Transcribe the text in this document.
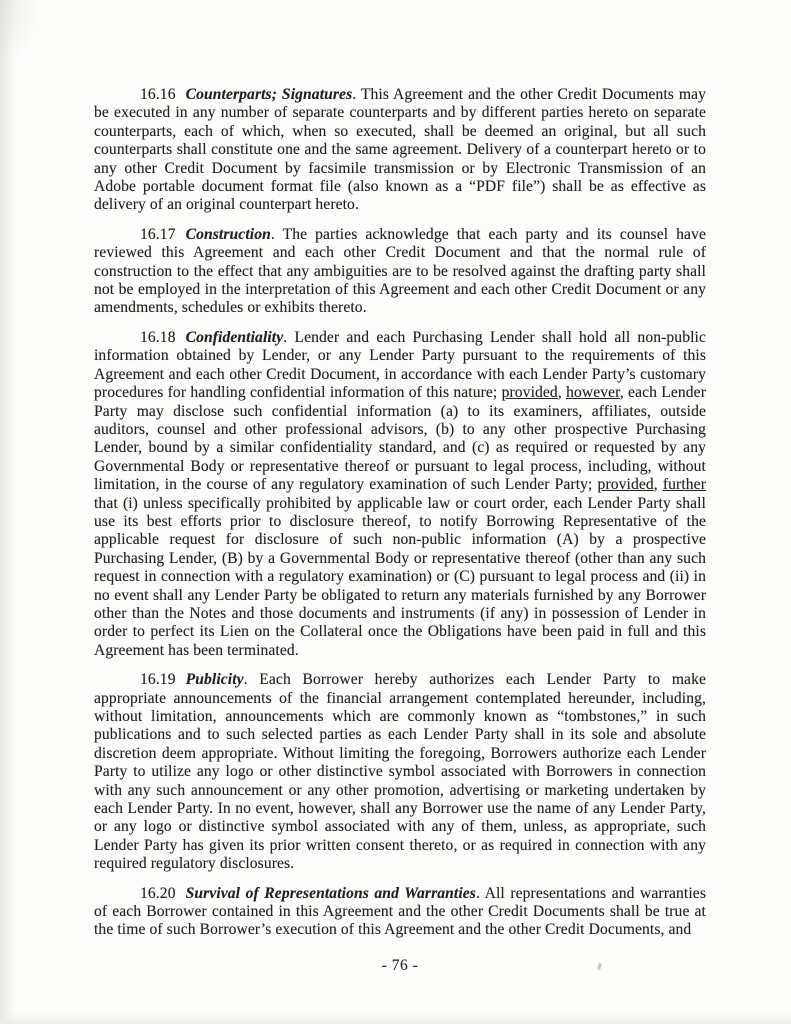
16.16 Counterparts; Signatures. This Agreement and the other Credit Documents may be executed in any number of separate counterparts and by different parties hereto on separate counterparts, each of which, when so executed, shall be deemed an original, but all such counterparts shall constitute one and the same agreement. Delivery of a counterpart hereto or to any other Credit Document by facsimile transmission or by Electronic Transmission of an Adobe portable document format file (also known as a “PDF file”) shall be as effective as delivery of an original counterpart hereto.

16.17 Construction. The parties acknowledge that each party and its counsel have reviewed this Agreement and each other Credit Document and that the normal rule of construction to the effect that any ambiguities are to be resolved against the drafting party shall not be employed in the interpretation of this Agreement and each other Credit Document or any amendments, schedules or exhibits thereto.

16.18 Confidentiality. Lender and each Purchasing Lender shall hold all non-public information obtained by Lender, or any Lender Party pursuant to the requirements of this Agreement and each other Credit Document, in accordance with each Lender Party’s customary procedures for handling confidential information of this nature; provided, however, each Lender Party may disclose such confidential information (a) to its examiners, affiliates, outside auditors, counsel and other professional advisors, (b) to any other prospective Purchasing Lender, bound by a similar confidentiality standard, and (c) as required or requested by any Governmental Body or representative thereof or pursuant to legal process, including, without limitation, in the course of any regulatory examination of such Lender Party; provided, further that (i) unless specifically prohibited by applicable law or court order, each Lender Party shall use its best efforts prior to disclosure thereof, to notify Borrowing Representative of the applicable request for disclosure of such non-public information (A) by a prospective Purchasing Lender, (B) by a Governmental Body or representative thereof (other than any such request in connection with a regulatory examination) or (C) pursuant to legal process and (ii) in no event shall any Lender Party be obligated to return any materials furnished by any Borrower other than the Notes and those documents and instruments (if any) in possession of Lender in order to perfect its Lien on the Collateral once the Obligations have been paid in full and this Agreement has been terminated.

16.19 Publicity. Each Borrower hereby authorizes each Lender Party to make appropriate announcements of the financial arrangement contemplated hereunder, including, without limitation, announcements which are commonly known as “tombstones,” in such publications and to such selected parties as each Lender Party shall in its sole and absolute discretion deem appropriate. Without limiting the foregoing, Borrowers authorize each Lender Party to utilize any logo or other distinctive symbol associated with Borrowers in connection with any such announcement or any other promotion, advertising or marketing undertaken by each Lender Party. In no event, however, shall any Borrower use the name of any Lender Party, or any logo or distinctive symbol associated with any of them, unless, as appropriate, such Lender Party has given its prior written consent thereto, or as required in connection with any required regulatory disclosures.

16.20 Survival of Representations and Warranties. All representations and warranties of each Borrower contained in this Agreement and the other Credit Documents shall be true at the time of such Borrower’s execution of this Agreement and the other Credit Documents, and

- 76 -
